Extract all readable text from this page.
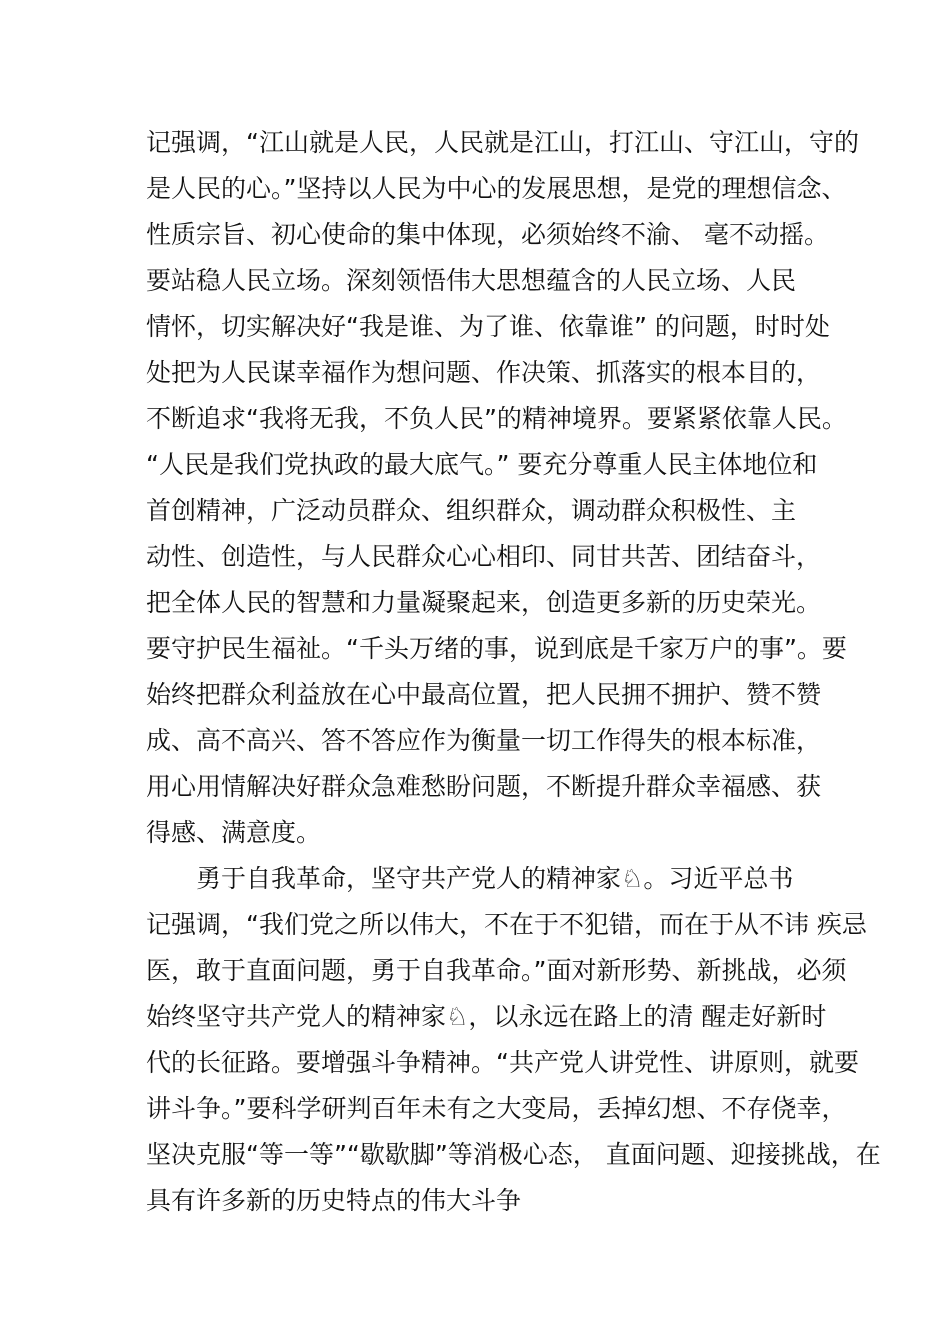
记强调，“江山就是人民，人民就是江山，打江山、守江山，守的
是人民的心。”坚持以人民为中心的发展思想，是党的理想信念、
性质宗旨、初心使命的集中体现，必须始终不渝、 毫不动摇。
要站稳人民立场。深刻领悟伟大思想蕴含的人民立场、人民
情怀，切实解决好“我是谁、为了谁、依靠谁” 的问题，时时处
处把为人民谋幸福作为想问题、作决策、抓落实的根本目的，
不断追求“我将无我，不负人民”的精神境界。要紧紧依靠人民。
“人民是我们党执政的最大底气。” 要充分尊重人民主体地位和
首创精神，广泛动员群众、组织群众，调动群众积极性、主
动性、创造性，与人民群众心心相印、同甘共苦、团结奋斗，
把全体人民的智慧和力量凝聚起来，创造更多新的历史荣光。
要守护民生福祉。“千头万绪的事，说到底是千家万户的事”。要
始终把群众利益放在心中最高位置，把人民拥不拥护、赞不赞
成、高不高兴、答不答应作为衡量一切工作得失的根本标准，
用心用情解决好群众急难愁盼问题，不断提升群众幸福感、获
得感、满意度。
勇于自我革命，坚守共产党人的精神家♘。习近平总书
记强调，“我们党之所以伟大，不在于不犯错，而在于从不讳 疾忌
医，敢于直面问题，勇于自我革命。”面对新形势、新挑战，必须
始终坚守共产党人的精神家♘，以永远在路上的清 醒走好新时
代的长征路。要增强斗争精神。“共产党人讲党性、讲原则，就要
讲斗争。”要科学研判百年未有之大变局，丢掉幻想、不存侥幸，
坚决克服“等一等”“歇歇脚”等消极心态， 直面问题、迎接挑战，在
具有许多新的历史特点的伟大斗争
